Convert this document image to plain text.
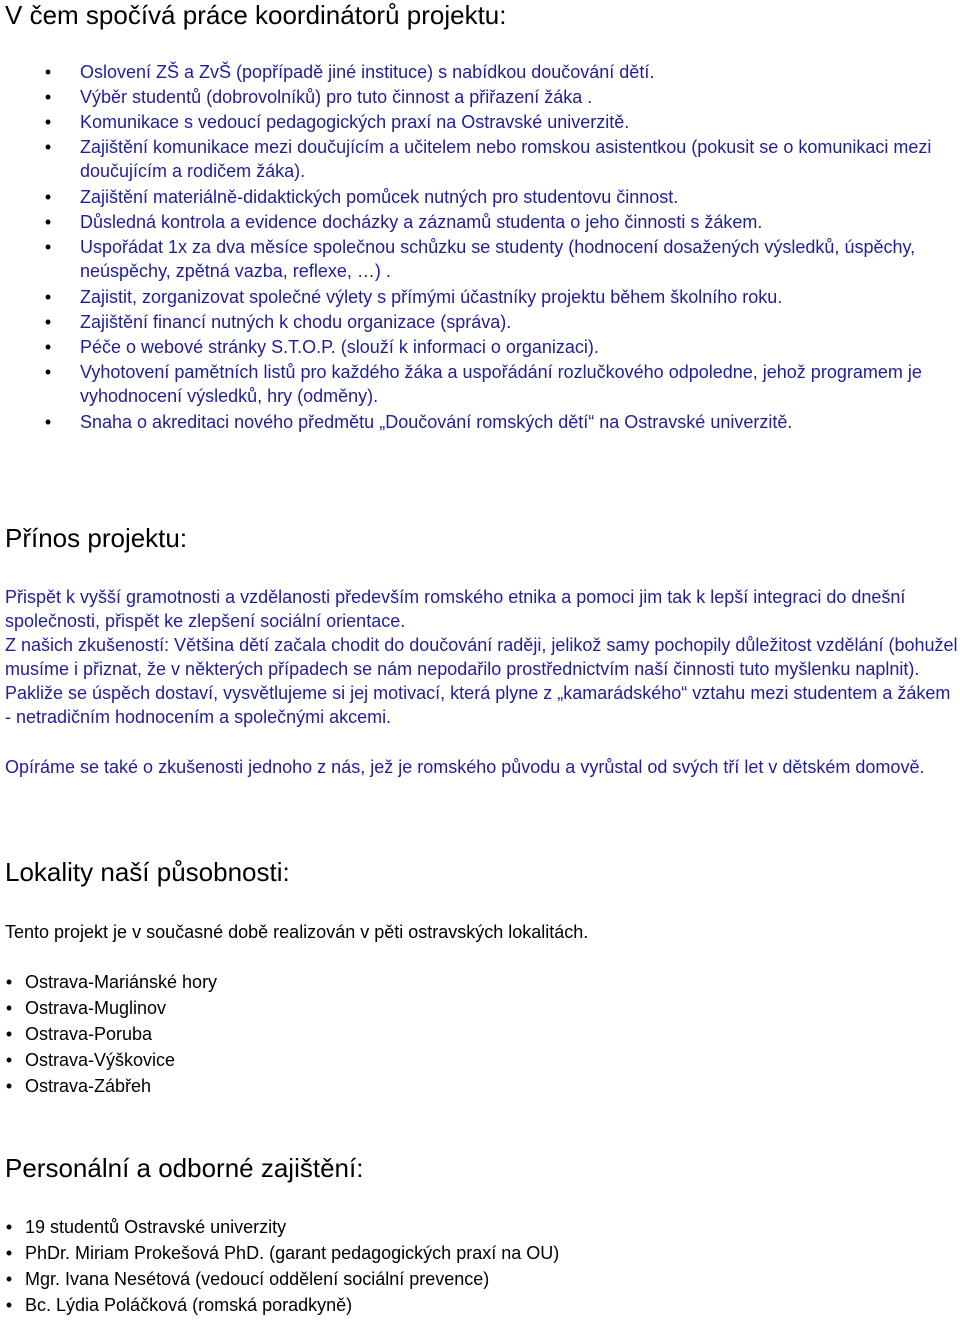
V čem spočívá práce koordinátorů projektu:
• Oslovení ZŠ a ZvŠ (popřípadě jiné instituce) s nabídkou doučování dětí.
• Výběr studentů (dobrovolníků) pro tuto činnost a přiřazení žáka .
• Komunikace s vedoucí pedagogických praxí na Ostravské univerzitě.
• Zajištění komunikace mezi doučujícím a učitelem nebo romskou asistentkou (pokusit se o komunikaci mezi doučujícím a rodičem žáka).
• Zajištění materiálně-didaktických pomůcek nutných pro studentovu činnost.
• Důsledná kontrola a evidence docházky a záznamů studenta o jeho činnosti s žákem.
• Uspořádat 1x za dva měsíce společnou schůzku se studenty (hodnocení dosažených výsledků, úspěchy, neúspěchy, zpětná vazba, reflexe, …) .
• Zajistit, zorganizovat společné výlety s přímými účastníky projektu během školního roku.
• Zajištění financí nutných k chodu organizace (správa).
• Péče o webové stránky S.T.O.P. (slouží k informaci o organizaci).
• Vyhotovení pamětních listů pro každého žáka a uspořádání rozlučkového odpoledne, jehož programem je vyhodnocení výsledků, hry (odměny).
• Snaha o akreditaci nového předmětu „Doučování romských dětí“ na Ostravské univerzitě.
Přínos projektu:

Přispět k vyšší gramotnosti a vzdělanosti především romského etnika a pomoci jim tak k lepší integraci do dnešní společnosti, přispět ke zlepšení sociální orientace.

Z našich zkušeností: Většina dětí začala chodit do doučování raději, jelikož samy pochopily důležitost vzdělání (bohužel musíme i přiznat, že v některých případech se nám nepodařilo prostřednictvím naší činnosti tuto myšlenku naplnit). Pakliže se úspěch dostaví, vysvětlujeme si jej motivací, která plyne z „kamarádského“ vztahu mezi studentem a žákem - netradičním hodnocením a společnými akcemi.

Opíráme se také o zkušenosti jednoho z nás, jež je romského původu a vyrůstal od svých tří let v dětském domově.

Lokality naší působnosti:

Tento projekt je v současné době realizován v pěti ostravských lokalitách.

• Ostrava-Mariánské hory
• Ostrava-Muglinov
• Ostrava-Poruba
• Ostrava-Výškovice
• Ostrava-Zábřeh
Personální a odborné zajištění:
• 19 studentů Ostravské univerzity
• PhDr. Miriam Prokešová PhD. (garant pedagogických praxí na OU)
• Mgr. Ivana Nesétová (vedoucí oddělení sociální prevence)
• Bc. Lýdia Poláčková (romská poradkyně)
